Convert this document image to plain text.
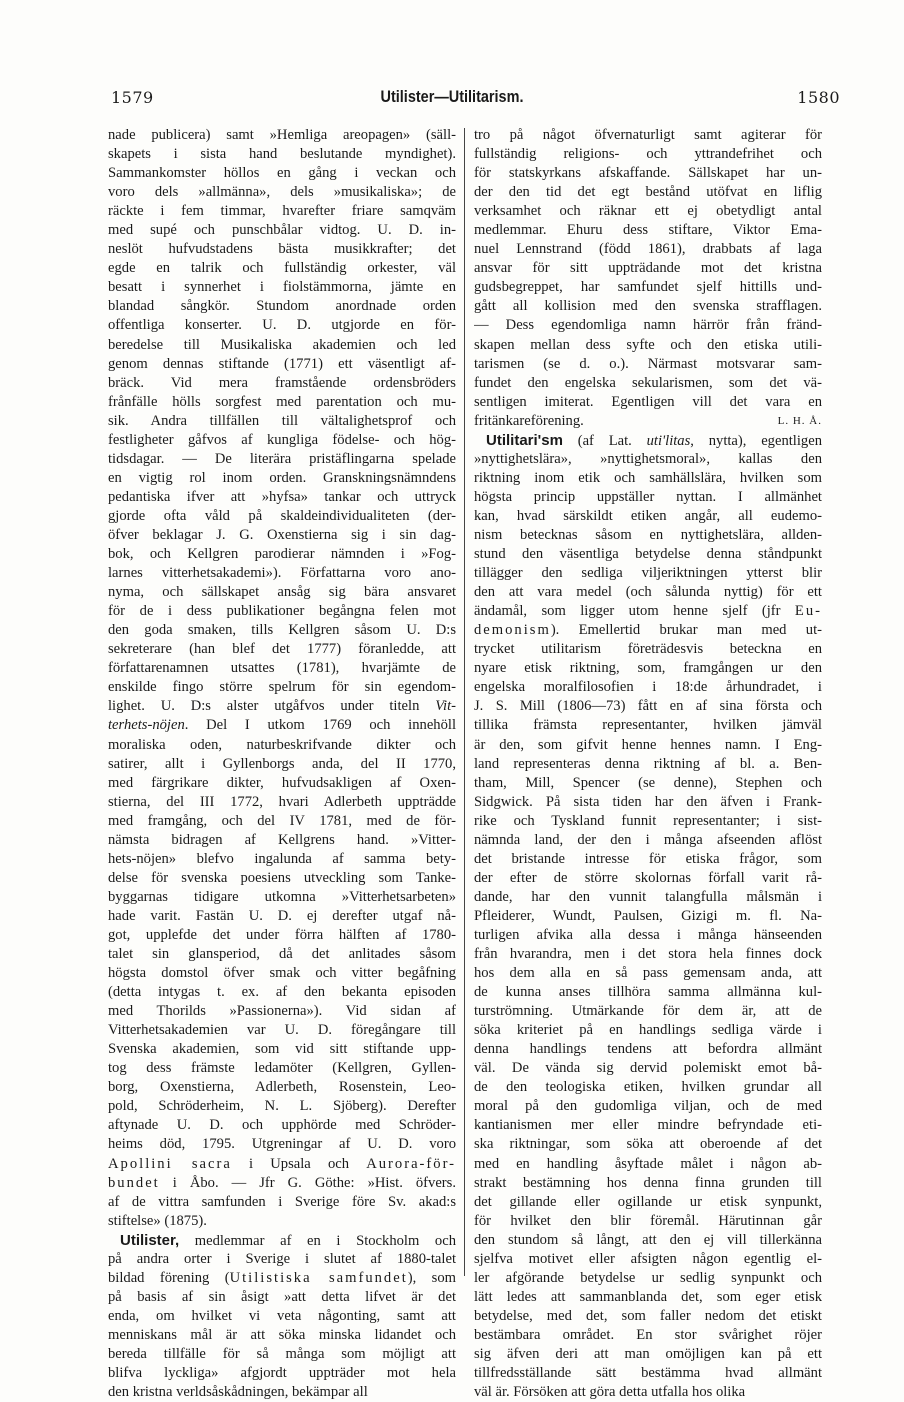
1579	Utilister—Utilitarism.	1580
nade publicera) samt »Hemliga areopagen» (säll-
skapets i sista hand beslutande myndighet).
Sammankomster höllos en gång i veckan och
voro dels »allmänna», dels »musikaliska»; de
räckte i fem timmar, hvarefter friare samqväm
med supé och punschbålar vidtog. U. D. in-
neslöt hufvudstadens bästa musikkrafter; det
egde en talrik och fullständig orkester, väl
besatt i synnerhet i fiolstämmorna, jämte en
blandad sångkör. Stundom anordnade orden
offentliga konserter. U. D. utgjorde en för-
beredelse till Musikaliska akademien och led
genom dennas stiftande (1771) ett väsentligt af-
bräck. Vid mera framstående ordensbröders
frånfälle hölls sorgfest med parentation och mu-
sik. Andra tillfällen till vältalighetsprof och
festligheter gåfvos af kungliga födelse- och hög-
tidsdagar. — De literära pristäflingarna spelade
en vigtig rol inom orden. Granskningsnämndens
pedantiska ifver att »hyfsa» tankar och uttryck
gjorde ofta våld på skaldeindividualiteten (der-
öfver beklagar J. G. Oxenstierna sig i sin dag-
bok, och Kellgren parodierar nämnden i »Fog-
larnes vitterhetsakademi»). Författarna voro ano-
nyma, och sällskapet ansåg sig bära ansvaret
för de i dess publikationer begångna felen mot
den goda smaken, tills Kellgren såsom U. D:s
sekreterare (han blef det 1777) föranledde, att
författarenamnen utsattes (1781), hvarjämte de
enskilde fingo större spelrum för sin egendom-
lighet. U. D:s alster utgåfvos under titeln Vit-
terhets-nöjen. Del I utkom 1769 och innehöll
moraliska oden, naturbeskrifvande dikter och
satirer, allt i Gyllenborgs anda, del II 1770,
med färgrikare dikter, hufvudsakligen af Oxen-
stierna, del III 1772, hvari Adlerbeth uppträdde
med framgång, och del IV 1781, med de för-
nämsta bidragen af Kellgrens hand. »Vitter-
hets-nöjen» blefvo ingalunda af samma bety-
delse för svenska poesiens utveckling som Tanke-
byggarnas tidigare utkomna »Vitterhetsarbeten»
hade varit. Fastän U. D. ej derefter utgaf nå-
got, upplefde det under förra hälften af 1780-
talet sin glansperiod, då det anlitades såsom
högsta domstol öfver smak och vitter begåfning
(detta intygas t. ex. af den bekanta episoden
med Thorilds »Passionerna»). Vid sidan af
Vitterhetsakademien var U. D. föregångare till
Svenska akademien, som vid sitt stiftande upp-
tog dess främste ledamöter (Kellgren, Gyllen-
borg, Oxenstierna, Adlerbeth, Rosenstein, Leo-
pold, Schröderheim, N. L. Sjöberg). Derefter
aftynade U. D. och upphörde med Schröder-
heims död, 1795. Utgreningar af U. D. voro
Apollini sacra i Upsala och Aurora-för-
bundet i Åbo. — Jfr G. Göthe: »Hist. öfvers.
af de vittra samfunden i Sverige före Sv. akad:s
stiftelse» (1875).
Utilister, medlemmar af en i Stockholm och
på andra orter i Sverige i slutet af 1880-talet
bildad förening (Utilistiska samfundet), som
på basis af sin åsigt »att detta lifvet är det
enda, om hvilket vi veta någonting, samt att
menniskans mål är att söka minska lidandet och
bereda tillfälle för så många som möjligt att
blifva lyckliga» afgjordt uppträder mot hela
den kristna verldsåskådningen, bekämpar all
tro på något öfvernaturligt samt agiterar för
fullständig religions- och yttrandefrihet och
för statskyrkans afskaffande. Sällskapet har un-
der den tid det egt bestånd utöfvat en liflig
verksamhet och räknar ett ej obetydligt antal
medlemmar. Ehuru dess stiftare, Viktor Ema-
nuel Lennstrand (född 1861), drabbats af laga
ansvar för sitt uppträdande mot det kristna
gudsbegreppet, har samfundet sjelf hittills und-
gått all kollision med den svenska strafflagen.
— Dess egendomliga namn härrör från fränd-
skapen mellan dess syfte och den etiska utili-
tarismen (se d. o.). Närmast motsvarar sam-
fundet den engelska sekularismen, som det vä-
sentligen imiterat. Egentligen vill det vara en
fritänkareförening.	L. H. Å.
Utilitari'sm (af Lat. uti'litas, nytta), egentligen
»nyttighetslära», »nyttighetsmoral», kallas den
riktning inom etik och samhällslära, hvilken som
högsta princip uppställer nyttan. I allmänhet
kan, hvad särskildt etiken angår, all eudemo-
nism betecknas såsom en nyttighetslära, allden-
stund den väsentliga betydelse denna ståndpunkt
tillägger den sedliga viljeriktningen ytterst blir
den att vara medel (och sålunda nyttig) för ett
ändamål, som ligger utom henne sjelf (jfr Eu-
demonism). Emellertid brukar man med ut-
trycket utilitarism företrädesvis beteckna en
nyare etisk riktning, som, framgången ur den
engelska moralfilosofien i 18:de århundradet, i
J. S. Mill (1806—73) fått en af sina första och
tillika främsta representanter, hvilken jämväl
är den, som gifvit henne hennes namn. I Eng-
land representeras denna riktning af bl. a. Ben-
tham, Mill, Spencer (se denne), Stephen och
Sidgwick. På sista tiden har den äfven i Frank-
rike och Tyskland funnit representanter; i sist-
nämnda land, der den i många afseenden aflöst
det bristande intresse för etiska frågor, som
der efter de större skolornas förfall varit rå-
dande, har den vunnit talangfulla målsmän i
Pfleiderer, Wundt, Paulsen, Gizigi m. fl. Na-
turligen afvika alla dessa i många hänseenden
från hvarandra, men i det stora hela finnes dock
hos dem alla en så pass gemensam anda, att
de kunna anses tillhöra samma allmänna kul-
turströmning. Utmärkande för dem är, att de
söka kriteriet på en handlings sedliga värde i
denna handlings tendens att befordra allmänt
väl. De vända sig dervid polemiskt emot bå-
de den teologiska etiken, hvilken grundar all
moral på den gudomliga viljan, och de med
kantianismen mer eller mindre befryndade eti-
ska riktningar, som söka att oberoende af det
med en handling åsyftade målet i någon ab-
strakt bestämning hos denna finna grunden till
det gillande eller ogillande ur etisk synpunkt,
för hvilket den blir föremål. Härutinnan går
den stundom så långt, att den ej vill tillerkänna
sjelfva motivet eller afsigten någon egentlig el-
ler afgörande betydelse ur sedlig synpunkt och
lätt ledes att sammanblanda det, som eger etisk
betydelse, med det, som faller nedom det etiskt
bestämbara området. En stor svårighet röjer
sig äfven deri att man omöjligen kan på ett
tillfredsställande sätt bestämma hvad allmänt
väl är. Försöken att göra detta utfalla hos olika
